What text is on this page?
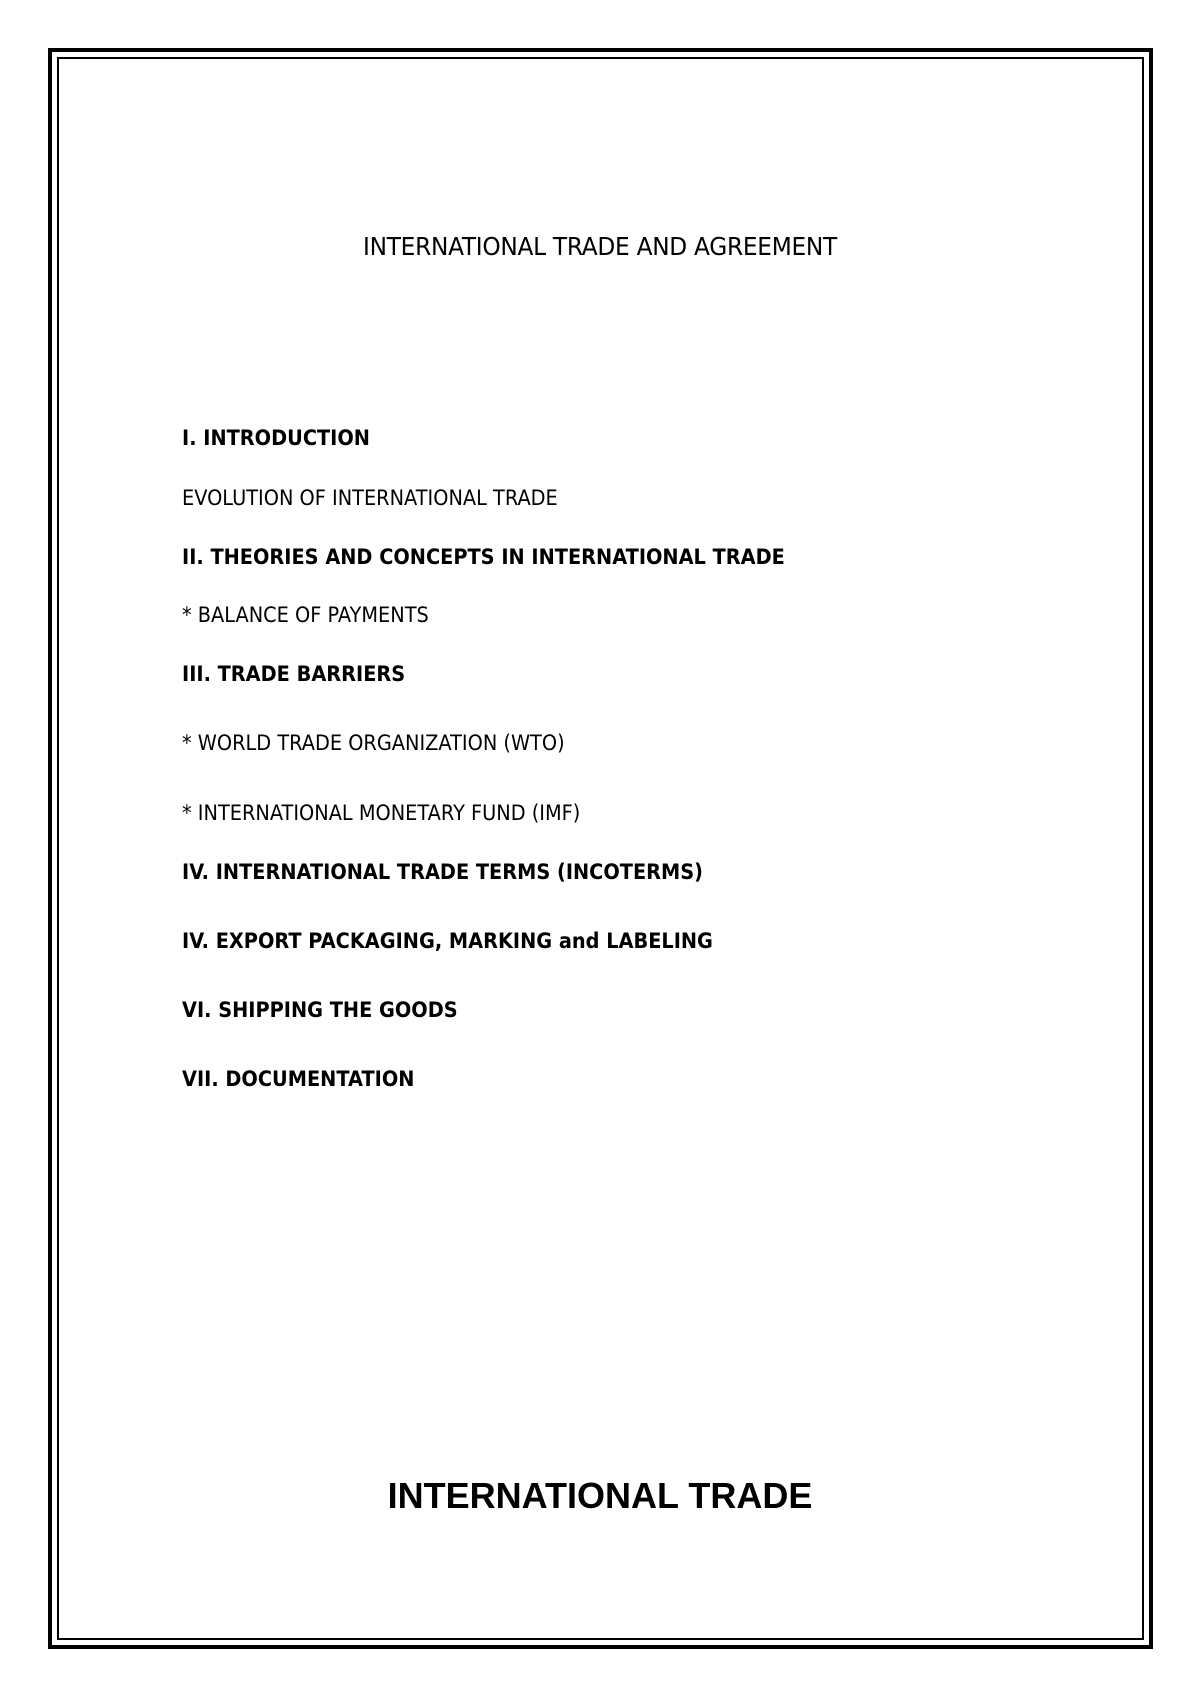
INTERNATIONAL TRADE AND AGREEMENT
I. INTRODUCTION
EVOLUTION OF INTERNATIONAL TRADE
II. THEORIES AND CONCEPTS IN INTERNATIONAL TRADE
* BALANCE OF PAYMENTS
III. TRADE BARRIERS
* WORLD TRADE ORGANIZATION (WTO)
* INTERNATIONAL MONETARY FUND (IMF)
IV. INTERNATIONAL TRADE TERMS (INCOTERMS)
IV. EXPORT PACKAGING, MARKING and LABELING
VI. SHIPPING THE GOODS
VII. DOCUMENTATION
INTERNATIONAL TRADE
